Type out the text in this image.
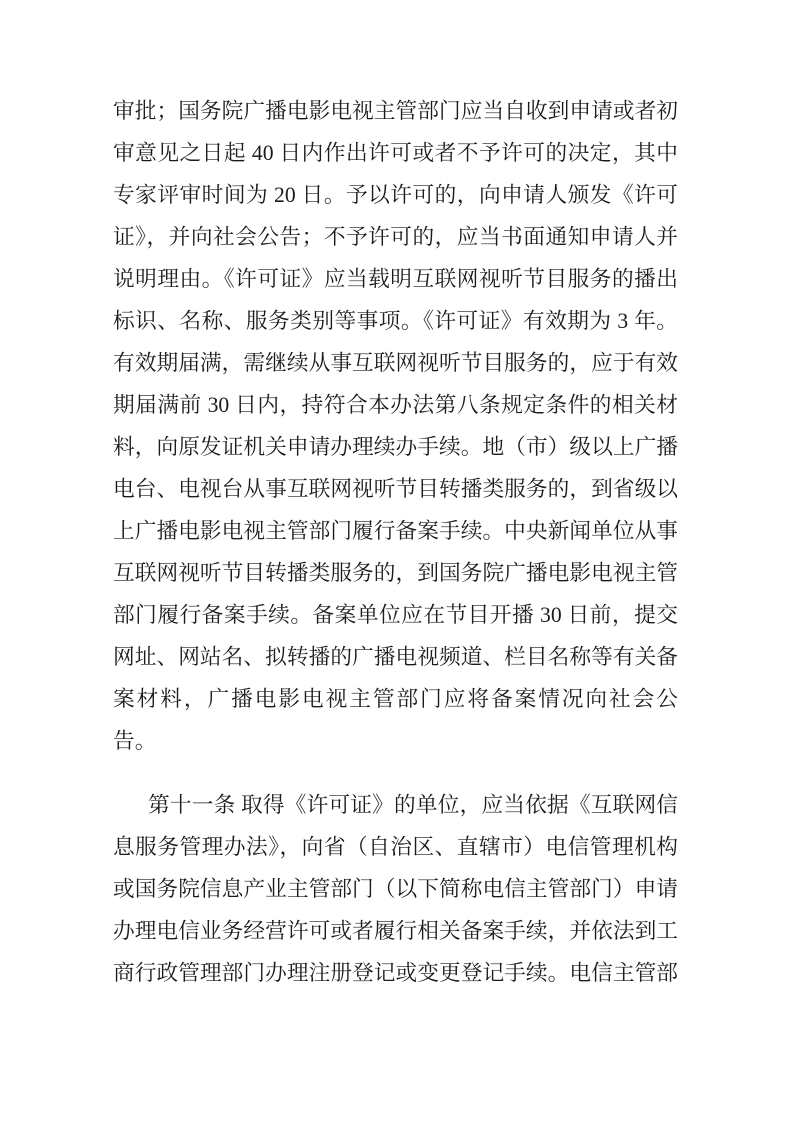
审批；国务院广播电影电视主管部门应当自收到申请或者初
审意见之日起 40 日内作出许可或者不予许可的决定，其中
专家评审时间为 20 日。予以许可的，向申请人颁发《许可
证》，并向社会公告；不予许可的，应当书面通知申请人并
说明理由。《许可证》应当载明互联网视听节目服务的播出
标识、名称、服务类别等事项。《许可证》有效期为 3 年。
有效期届满，需继续从事互联网视听节目服务的，应于有效
期届满前 30 日内，持符合本办法第八条规定条件的相关材
料，向原发证机关申请办理续办手续。地（市）级以上广播
电台、电视台从事互联网视听节目转播类服务的，到省级以
上广播电影电视主管部门履行备案手续。中央新闻单位从事
互联网视听节目转播类服务的，到国务院广播电影电视主管
部门履行备案手续。备案单位应在节目开播 30 日前，提交
网址、网站名、拟转播的广播电视频道、栏目名称等有关备
案材料，广播电影电视主管部门应将备案情况向社会公
告。
第十一条 取得《许可证》的单位，应当依据《互联网信
息服务管理办法》，向省（自治区、直辖市）电信管理机构
或国务院信息产业主管部门（以下简称电信主管部门）申请
办理电信业务经营许可或者履行相关备案手续，并依法到工
商行政管理部门办理注册登记或变更登记手续。电信主管部
